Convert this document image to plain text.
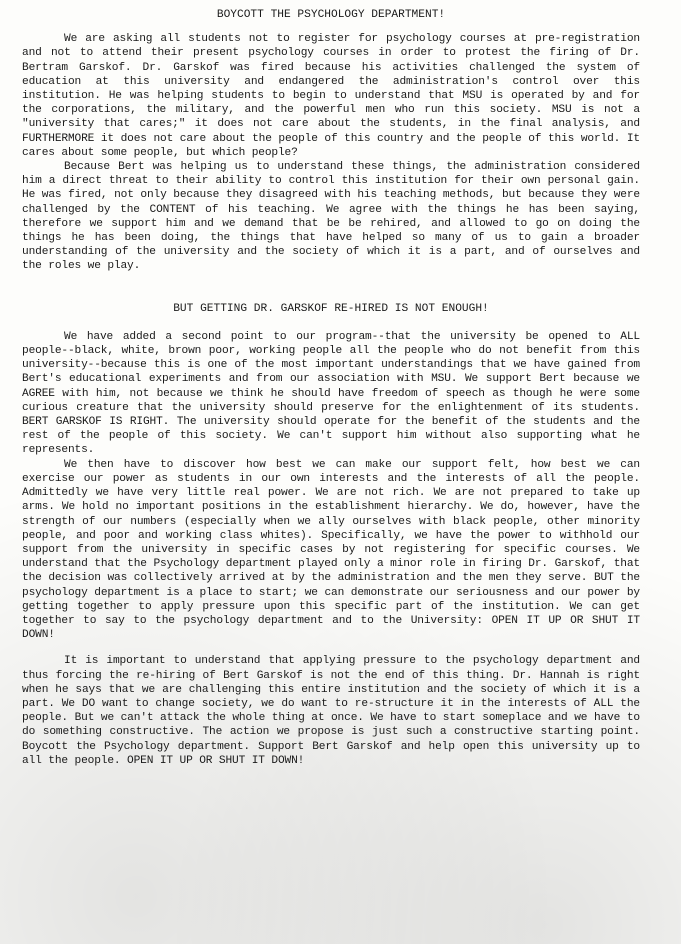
BOYCOTT THE PSYCHOLOGY DEPARTMENT!

We are asking all students not to register for psychology courses at pre-registration and not to attend their present psychology courses in order to protest the firing of Dr. Bertram Garskof. Dr. Garskof was fired because his activities challenged the system of education at this university and endangered the administration's control over this institution. He was helping students to begin to understand that MSU is operated by and for the corporations, the military, and the powerful men who run this society. MSU is not a "university that cares;" it does not care about the students, in the final analysis, and FURTHERMORE it does not care about the people of this country and the people of this world. It cares about some people, but which people?

Because Bert was helping us to understand these things, the administration considered him a direct threat to their ability to control this institution for their own personal gain. He was fired, not only because they disagreed with his teaching methods, but because they were challenged by the CONTENT of his teaching. We agree with the things he has been saying, therefore we support him and we demand that be be rehired, and allowed to go on doing the things he has been doing, the things that have helped so many of us to gain a broader understanding of the university and the society of which it is a part, and of ourselves and the roles we play.

BUT GETTING DR. GARSKOF RE-HIRED IS NOT ENOUGH!

We have added a second point to our program--that the university be opened to ALL people--black, white, brown poor, working people all the people who do not benefit from this university--because this is one of the most important understandings that we have gained from Bert's educational experiments and from our association with MSU. We support Bert because we AGREE with him, not because we think he should have freedom of speech as though he were some curious creature that the university should preserve for the enlightenment of its students. BERT GARSKOF IS RIGHT. The university should operate for the benefit of the students and the rest of the people of this society. We can't support him without also supporting what he represents.

We then have to discover how best we can make our support felt, how best we can exercise our power as students in our own interests and the interests of all the people. Admittedly we have very little real power. We are not rich. We are not prepared to take up arms. We hold no important positions in the establishment hierarchy. We do, however, have the strength of our numbers (especially when we ally ourselves with black people, other minority people, and poor and working class whites). Specifically, we have the power to withhold our support from the university in specific cases by not registering for specific courses. We understand that the Psychology department played only a minor role in firing Dr. Garskof, that the decision was collectively arrived at by the administration and the men they serve. BUT the psychology department is a place to start; we can demonstrate our seriousness and our power by getting together to apply pressure upon this specific part of the institution. We can get together to say to the psychology department and to the University: OPEN IT UP OR SHUT IT DOWN!

It is important to understand that applying pressure to the psychology department and thus forcing the re-hiring of Bert Garskof is not the end of this thing. Dr. Hannah is right when he says that we are challenging this entire institution and the society of which it is a part. We DO want to change society, we do want to re-structure it in the interests of ALL the people. But we can't attack the whole thing at once. We have to start someplace and we have to do something constructive. The action we propose is just such a constructive starting point. Boycott the Psychology department. Support Bert Garskof and help open this university up to all the people. OPEN IT UP OR SHUT IT DOWN!
